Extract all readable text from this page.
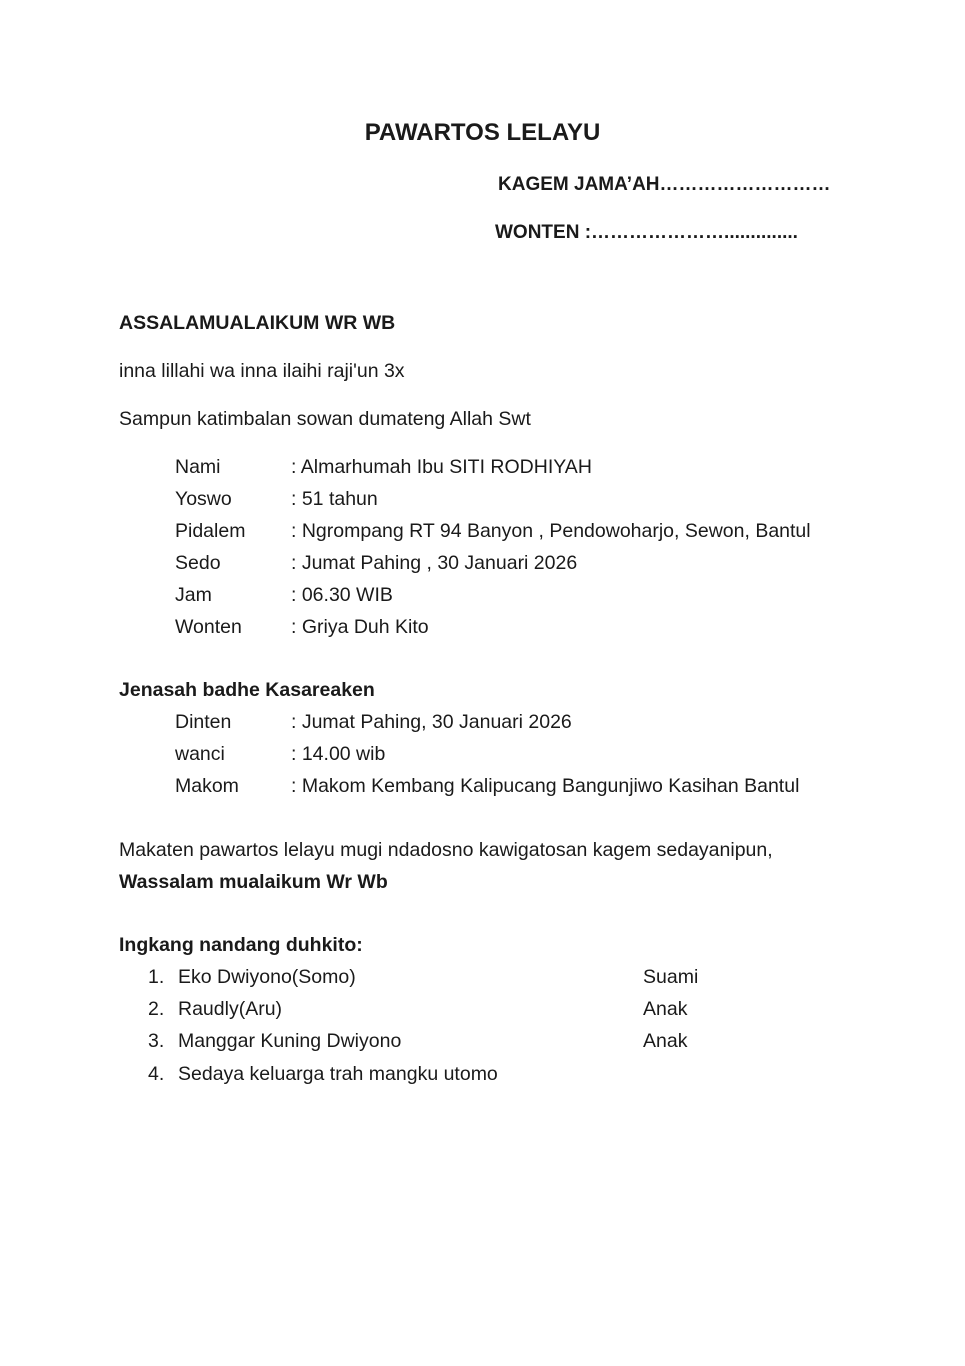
PAWARTOS LELAYU
KAGEM JAMA’AH………………………
WONTEN :…………………..............
ASSALAMUALAIKUM WR WB
inna lillahi wa inna ilaihi raji'un 3x
Sampun katimbalan sowan dumateng Allah Swt
Nami	: Almarhumah Ibu SITI RODHIYAH
Yoswo	: 51 tahun
Pidalem : Ngrompang RT 94 Banyon , Pendowoharjo, Sewon, Bantul
Sedo	: Jumat Pahing , 30 Januari 2026
Jam	: 06.30 WIB
Wonten	: Griya Duh Kito
Jenasah badhe Kasareaken
Dinten	: Jumat Pahing, 30 Januari 2026
wanci	: 14.00 wib
Makom	: Makom Kembang Kalipucang Bangunjiwo Kasihan Bantul
Makaten pawartos lelayu mugi ndadosno kawigatosan kagem sedayanipun,
Wassalam mualaikum Wr Wb
Ingkang nandang duhkito:
1. Eko Dwiyono(Somo)	Suami
2. Raudly(Aru)	Anak
3. Manggar Kuning Dwiyono	Anak
4. Sedaya keluarga trah mangku utomo
